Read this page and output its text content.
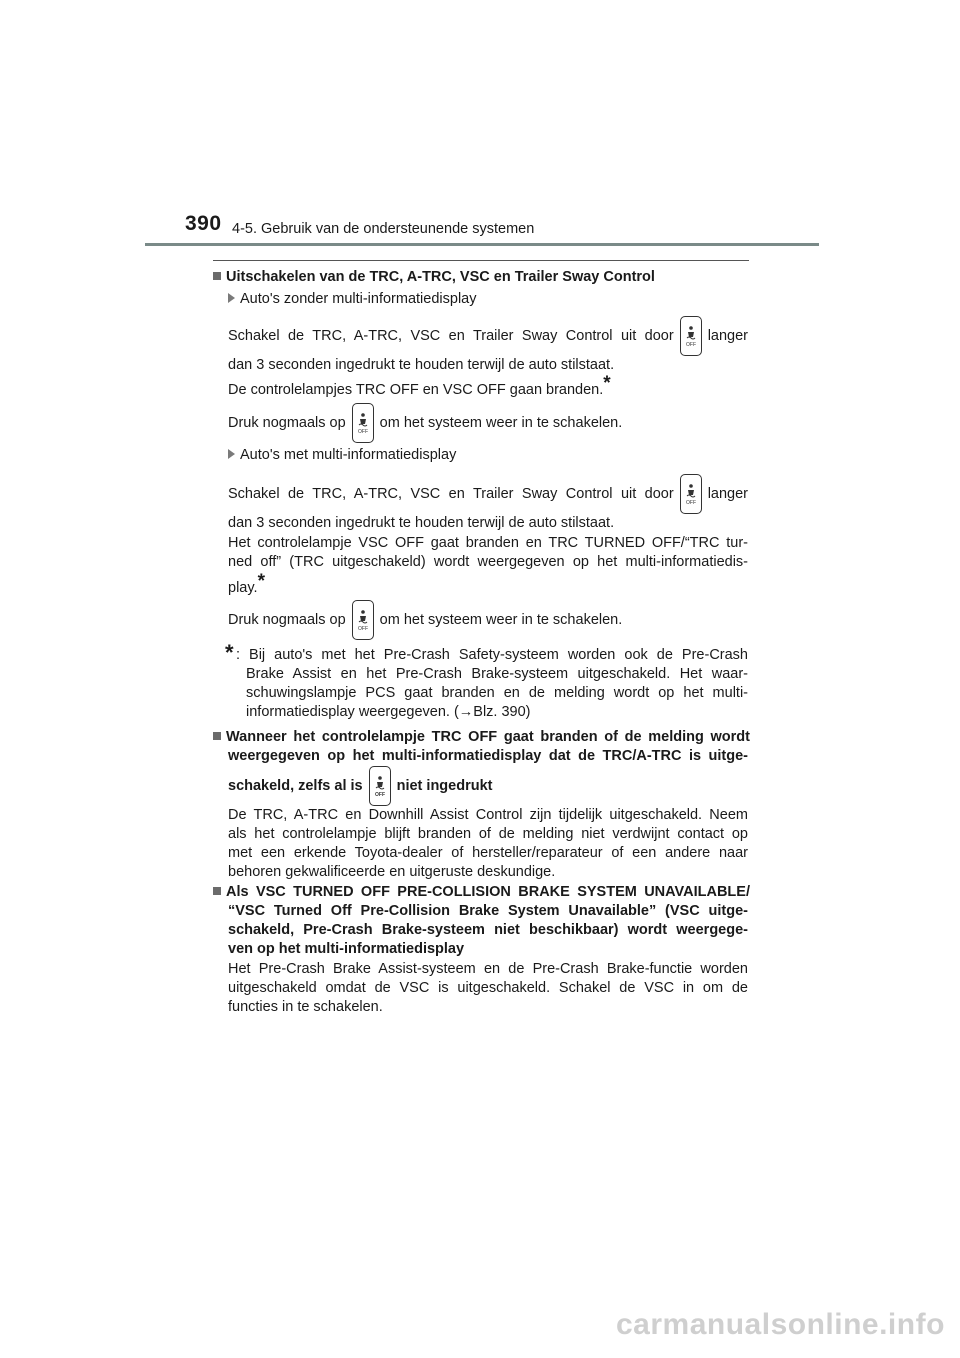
390 4-5. Gebruik van de ondersteunende systemen
Uitschakelen van de TRC, A-TRC, VSC en Trailer Sway Control
Auto's zonder multi-informatiedisplay
Schakel de TRC, A-TRC, VSC en Trailer Sway Control uit door
OFF
langer
dan 3 seconden ingedrukt te houden terwijl de auto stilstaat.
De controlelampjes TRC OFF en VSC OFF gaan branden.*
Druk nogmaals op
OFF
om het systeem weer in te schakelen.
Auto's met multi-informatiedisplay
Schakel de TRC, A-TRC, VSC en Trailer Sway Control uit door
OFF
langer
dan 3 seconden ingedrukt te houden terwijl de auto stilstaat.
Het controlelampje VSC OFF gaat branden en TRC TURNED OFF/“TRC tur-
ned off” (TRC uitgeschakeld) wordt weergegeven op het multi-informatiedis-
play.*
Druk nogmaals op
OFF
om het systeem weer in te schakelen.
* : Bij auto's met het Pre-Crash Safety-systeem worden ook de Pre-Crash
Brake Assist en het Pre-Crash Brake-systeem uitgeschakeld. Het waar-
schuwingslampje PCS gaat branden en de melding wordt op het multi-
informatiedisplay weergegeven. (→Blz. 390)
Wanneer het controlelampje TRC OFF gaat branden of de melding wordt
weergegeven op het multi-informatiedisplay dat de TRC/A-TRC is uitge-
schakeld, zelfs al is
OFF
niet ingedrukt
De TRC, A-TRC en Downhill Assist Control zijn tijdelijk uitgeschakeld. Neem
als het controlelampje blijft branden of de melding niet verdwijnt contact op
met een erkende Toyota-dealer of hersteller/reparateur of een andere naar
behoren gekwalificeerde en uitgeruste deskundige.
Als VSC TURNED OFF PRE-COLLISION BRAKE SYSTEM UNAVAILABLE/
“VSC Turned Off Pre-Collision Brake System Unavailable” (VSC uitge-
schakeld, Pre-Crash Brake-systeem niet beschikbaar) wordt weergege-
ven op het multi-informatiedisplay
Het Pre-Crash Brake Assist-systeem en de Pre-Crash Brake-functie worden
uitgeschakeld omdat de VSC is uitgeschakeld. Schakel de VSC in om de
functies in te schakelen.
carmanualsonline.info
